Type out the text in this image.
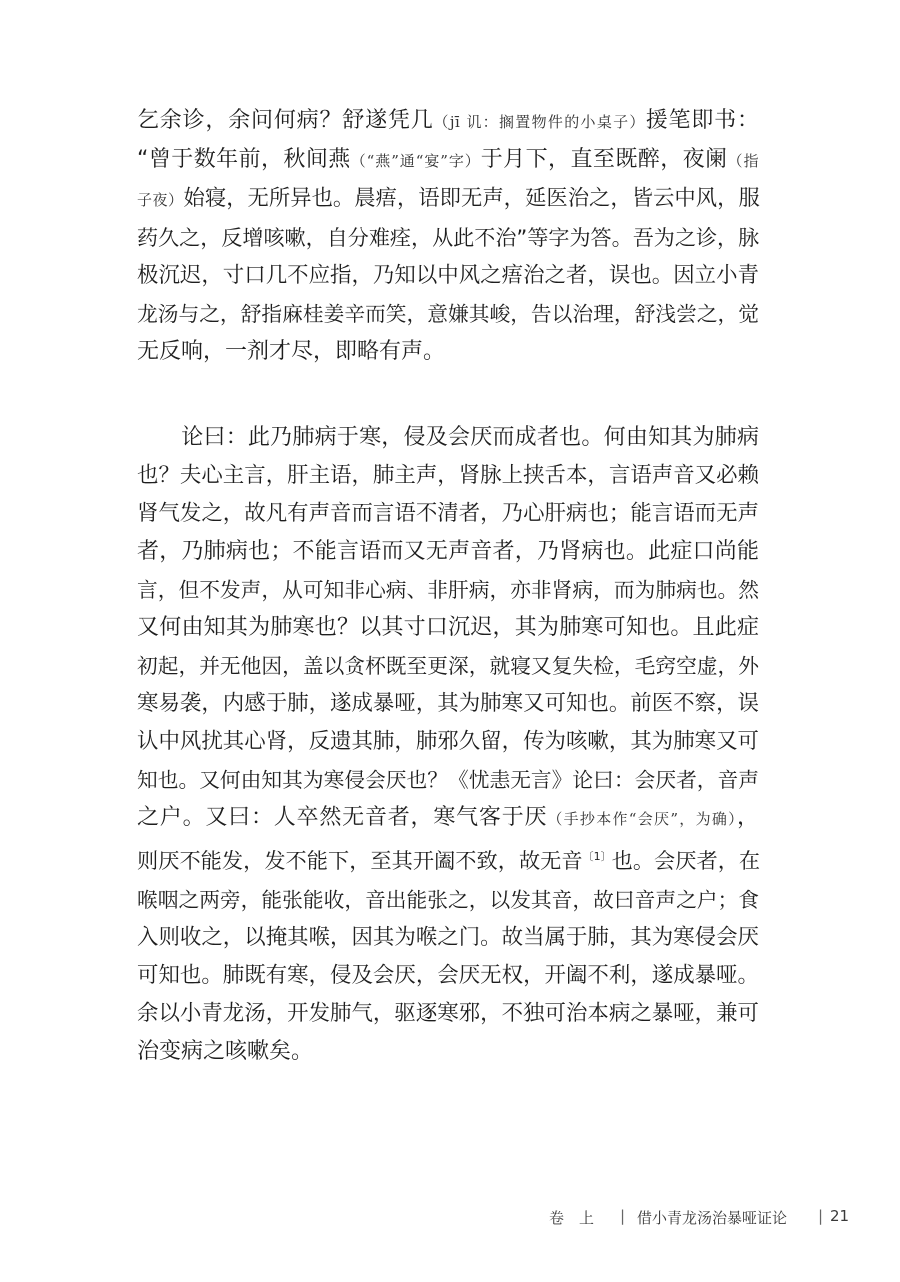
乞余诊，余问何病？舒遂凭几（jī 讥：搁置物件的小桌子）援笔即书：
“曾于数年前，秋间燕（“燕”通“宴”字）于月下，直至既醉，夜阑（指
子夜）始寝，无所异也。晨痦，语即无声，延医治之，皆云中风，服
药久之，反增咳嗽，自分难痊，从此不治”等字为答。吾为之诊，脉
极沉迟，寸口几不应指，乃知以中风之痦治之者，误也。因立小青
龙汤与之，舒指麻桂姜辛而笑，意嫌其峻，告以治理，舒浅尝之，觉
无反响，一剂才尽，即略有声。
论曰：此乃肺病于寒，侵及会厌而成者也。何由知其为肺病
也？夫心主言，肝主语，肺主声，肾脉上挟舌本，言语声音又必赖
肾气发之，故凡有声音而言语不清者，乃心肝病也；能言语而无声
者，乃肺病也；不能言语而又无声音者，乃肾病也。此症口尚能
言，但不发声，从可知非心病、非肝病，亦非肾病，而为肺病也。然
又何由知其为肺寒也？以其寸口沉迟，其为肺寒可知也。且此症
初起，并无他因，盖以贪杯既至更深，就寝又复失检，毛窍空虚，外
寒易袭，内感于肺，遂成暴哑，其为肺寒又可知也。前医不察，误
认中风扰其心肾，反遗其肺，肺邪久留，传为咳嗽，其为肺寒又可
知也。又何由知其为寒侵会厌也？《忧恚无言》论曰：会厌者，音声
之户。又曰：人卒然无音者，寒气客于厌（手抄本作“会厌”，为确），
则厌不能发，发不能下，至其开阖不致，故无音$^{〔1〕}$也。会厌者，在
喉咽之两旁，能张能收，音出能张之，以发其音，故曰音声之户；食
入则收之，以掩其喉，因其为喉之门。故当属于肺，其为寒侵会厌
可知也。肺既有寒，侵及会厌，会厌无权，开阖不利，遂成暴哑。
余以小青龙汤，开发肺气，驱逐寒邪，不独可治本病之暴哑，兼可
治变病之咳嗽矣。
卷　上 | 借小青龙汤治暴哑证论 | 21
